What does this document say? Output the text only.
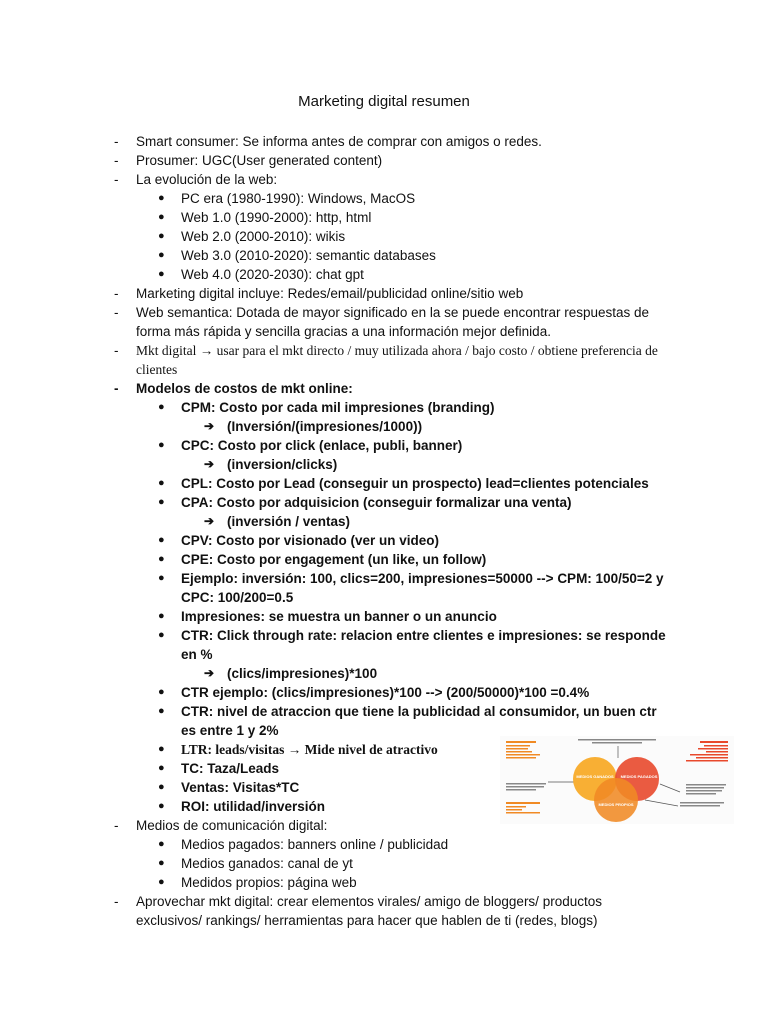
Marketing digital resumen
- Smart consumer: Se informa antes de comprar con amigos o redes.
- Prosumer: UGC(User generated content)
- La evolución de la web:
● PC era (1980-1990): Windows, MacOS
● Web 1.0 (1990-2000): http, html
● Web 2.0 (2000-2010): wikis
● Web 3.0 (2010-2020): semantic databases
● Web 4.0 (2020-2030): chat gpt
- Marketing digital incluye: Redes/email/publicidad online/sitio web
- Web semantica: Dotada de mayor significado en la se puede encontrar respuestas de
forma más rápida y sencilla gracias a una información mejor definida.
- Mkt digital → usar para el mkt directo / muy utilizada ahora / bajo costo / obtiene preferencia de
clientes
- Modelos de costos de mkt online:
● CPM: Costo por cada mil impresiones (branding)
➔ (Inversión/(impresiones/1000))
● CPC: Costo por click (enlace, publi, banner)
➔ (inversion/clicks)
● CPL: Costo por Lead (conseguir un prospecto) lead=clientes potenciales
● CPA: Costo por adquisicion (conseguir formalizar una venta)
➔ (inversión / ventas)
● CPV: Costo por visionado (ver un video)
● CPE: Costo por engagement (un like, un follow)
● Ejemplo: inversión: 100, clics=200, impresiones=50000 --> CPM: 100/50=2 y
CPC: 100/200=0.5
● Impresiones: se muestra un banner o un anuncio
● CTR: Click through rate: relacion entre clientes e impresiones: se responde
en %
➔ (clics/impresiones)*100
● CTR ejemplo: (clics/impresiones)*100 --> (200/50000)*100 =0.4%
● CTR: nivel de atraccion que tiene la publicidad al consumidor, un buen ctr
es entre 1 y 2%
● LTR: leads/visitas → Mide nivel de atractivo
● TC: Taza/Leads
● Ventas: Visitas*TC
● ROI: utilidad/inversión
- Medios de comunicación digital:
● Medios pagados: banners online / publicidad
● Medios ganados: canal de yt
● Medidos propios: página web
- Aprovechar mkt digital: crear elementos virales/ amigo de bloggers/ productos
exclusivos/ rankings/ herramientas para hacer que hablen de ti (redes, blogs)
MEDIOS GANADOS MEDIOS PAGADOS
MEDIOS PROPIOS
